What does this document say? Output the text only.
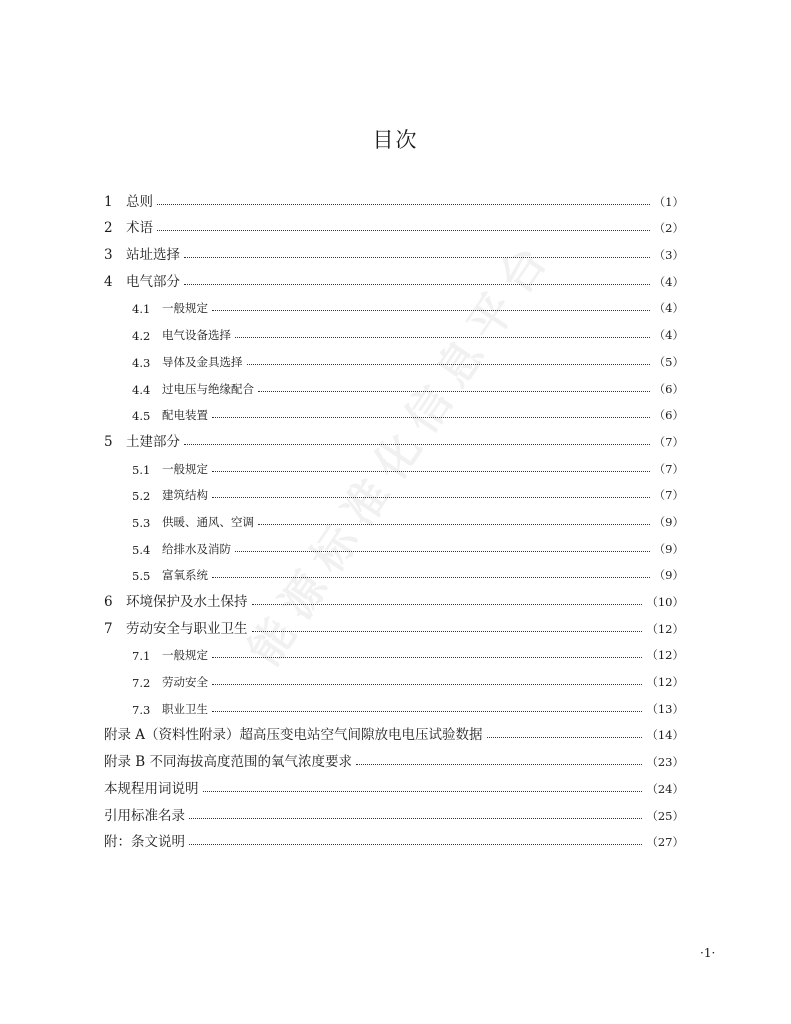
能源标准化信息平台
目次
1 总则	（1）
2 术语	（2）
3 站址选择	（3）
4 电气部分	（4）
4.1	一般规定	（4）
4.2	电气设备选择	（4）
4.3	导体及金具选择	（5）
4.4	过电压与绝缘配合	（6）
4.5	配电装置	（6）
5 土建部分	（7）
5.1	一般规定	（7）
5.2	建筑结构	（7）
5.3	供暖、通风、空调	（9）
5.4	给排水及消防	（9）
5.5	富氧系统	（9）
6 环境保护及水土保持	（10）
7 劳动安全与职业卫生	（12）
7.1	一般规定	（12）
7.2	劳动安全	（12）
7.3	职业卫生	（13）
附录 A（资料性附录）超高压变电站空气间隙放电电压试验数据	（14）
附录 B 不同海拔高度范围的氧气浓度要求	（23）
本规程用词说明	（24）
引用标准名录	（25）
附：条文说明	（27）
·1·
